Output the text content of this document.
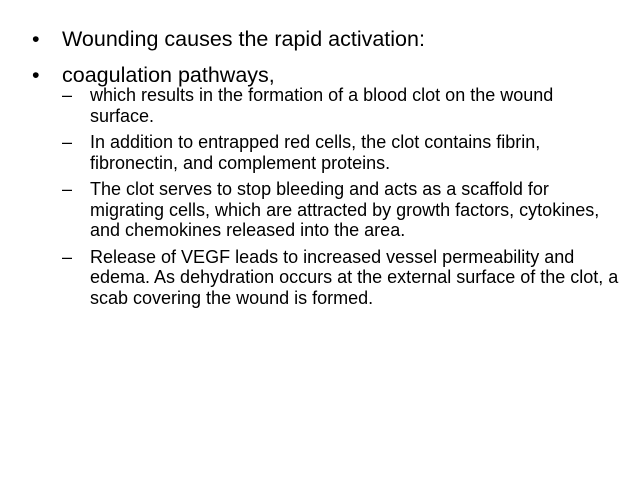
•	Wounding causes the rapid activation:
•	coagulation pathways,
– which results in the formation of a blood clot on the wound surface.
– In addition to entrapped red cells, the clot contains fibrin, fibronectin, and complement proteins.
– The clot serves to stop bleeding and acts as a scaffold for migrating cells, which are attracted by growth factors, cytokines, and chemokines released into the area.
– Release of VEGF leads to increased vessel permeability and edema. As dehydration occurs at the external surface of the clot, a scab covering the wound is formed.
